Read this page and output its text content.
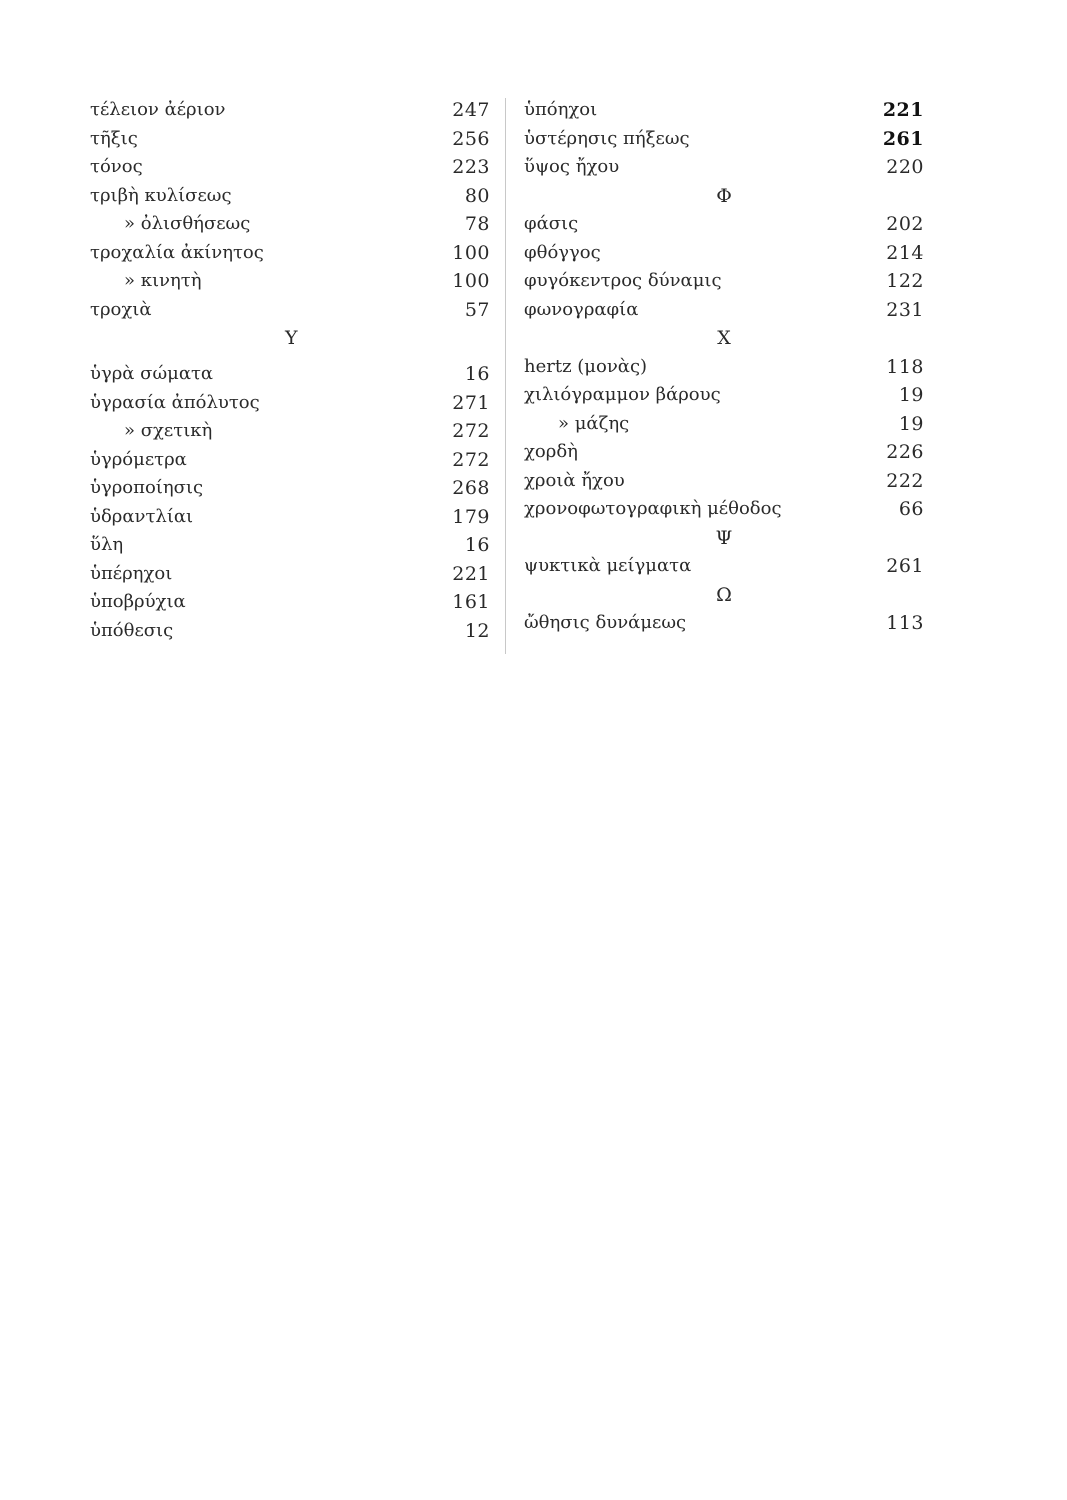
τέλειον ἀέριον	247
τῆξις	256
τόνος	223
τριβὴ κυλίσεως	80
» ὀλισθήσεως	78
τροχαλία ἀκίνητος	100
» κινητὴ	100
τροχιὰ	57
Υ
ὑγρὰ σώματα	16
ὑγρασία ἀπόλυτος	271
» σχετικὴ	272
ὑγρόμετρα	272
ὑγροποίησις	268
ὑδραντλίαι	179
ὕλη	16
ὑπέρηχοι	221
ὑποβρύχια	161
ὑπόθεσις	12
ὑπόηχοι	221
ὑστέρησις πήξεως	261
ὕψος ἤχου	220
Φ
φάσις	202
φθόγγος	214
φυγόκεντρος δύναμις	122
φωνογραφία	231
Χ
hertz (μονὰς)	118
χιλιόγραμμον βάρους	19
» μάζης	19
χορδὴ	226
χροιὰ ἤχου	222
χρονοφωτογραφικὴ μέθοδος	66
Ψ
ψυκτικὰ μείγματα	261
Ω
ὤθησις δυνάμεως	113
